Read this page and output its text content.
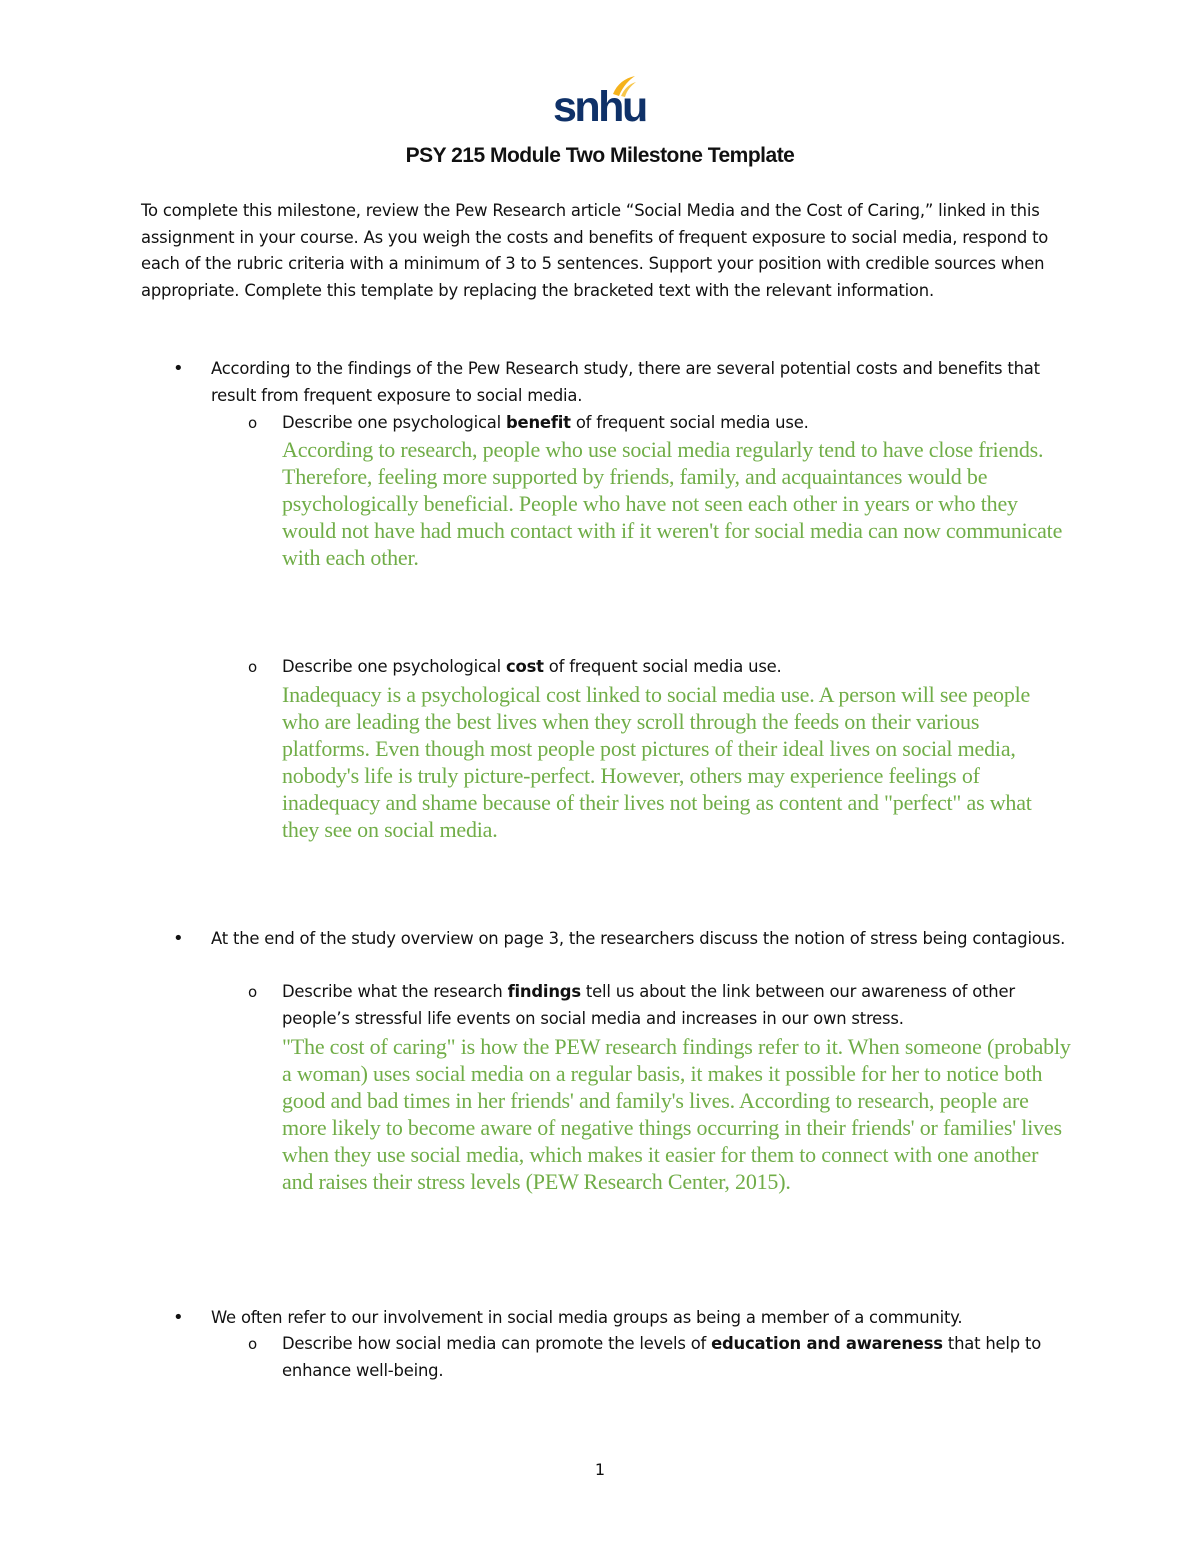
snhu
PSY 215 Module Two Milestone Template
To complete this milestone, review the Pew Research article “Social Media and the Cost of Caring,” linked in this assignment in your course. As you weigh the costs and benefits of frequent exposure to social media, respond to each of the rubric criteria with a minimum of 3 to 5 sentences. Support your position with credible sources when appropriate. Complete this template by replacing the bracketed text with the relevant information.
• According to the findings of the Pew Research study, there are several potential costs and benefits that result from frequent exposure to social media.
o Describe one psychological benefit of frequent social media use.
According to research, people who use social media regularly tend to have close friends. Therefore, feeling more supported by friends, family, and acquaintances would be psychologically beneficial. People who have not seen each other in years or who they would not have had much contact with if it weren't for social media can now communicate with each other.
o Describe one psychological cost of frequent social media use.
Inadequacy is a psychological cost linked to social media use. A person will see people who are leading the best lives when they scroll through the feeds on their various platforms. Even though most people post pictures of their ideal lives on social media, nobody's life is truly picture-perfect. However, others may experience feelings of inadequacy and shame because of their lives not being as content and "perfect" as what they see on social media.
• At the end of the study overview on page 3, the researchers discuss the notion of stress being contagious.
o Describe what the research findings tell us about the link between our awareness of other people’s stressful life events on social media and increases in our own stress.
"The cost of caring" is how the PEW research findings refer to it. When someone (probably a woman) uses social media on a regular basis, it makes it possible for her to notice both good and bad times in her friends' and family's lives. According to research, people are more likely to become aware of negative things occurring in their friends' or families' lives when they use social media, which makes it easier for them to connect with one another and raises their stress levels (PEW Research Center, 2015).
• We often refer to our involvement in social media groups as being a member of a community.
o Describe how social media can promote the levels of education and awareness that help to enhance well-being.
1
